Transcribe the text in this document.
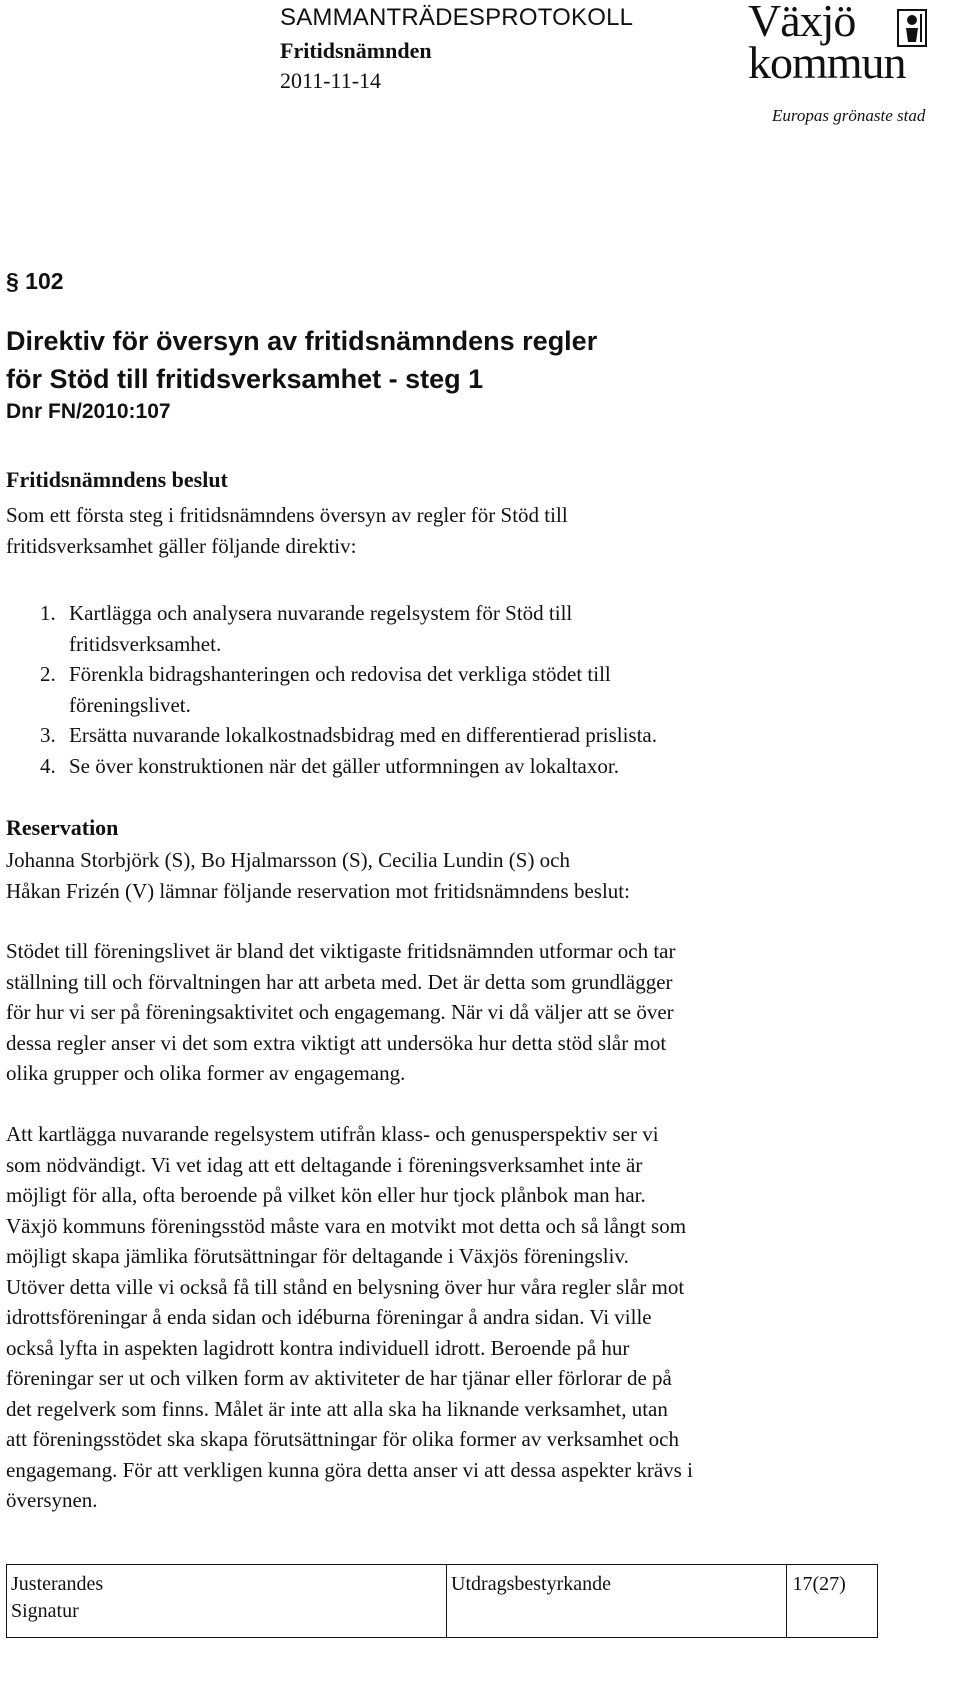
SAMMANTRÄDESPROTOKOLL
Fritidsnämnden
2011-11-14
Växjö
kommun
Europas grönaste stad
§ 102
Direktiv för översyn av fritidsnämndens regler
för Stöd till fritidsverksamhet - steg 1
Dnr FN/2010:107
Fritidsnämndens beslut

Som ett första steg i fritidsnämndens översyn av regler för Stöd till

fritidsverksamhet gäller följande direktiv:

1. Kartlägga och analysera nuvarande regelsystem för Stöd till
fritidsverksamhet.
2. Förenkla bidragshanteringen och redovisa det verkliga stödet till
föreningslivet.
3. Ersätta nuvarande lokalkostnadsbidrag med en differentierad prislista.
4. Se över konstruktionen när det gäller utformningen av lokaltaxor.
Reservation

Johanna Storbjörk (S), Bo Hjalmarsson (S), Cecilia Lundin (S) och

Håkan Frizén (V) lämnar följande reservation mot fritidsnämndens beslut:

Stödet till föreningslivet är bland det viktigaste fritidsnämnden utformar och tar

ställning till och förvaltningen har att arbeta med. Det är detta som grundlägger

för hur vi ser på föreningsaktivitet och engagemang. När vi då väljer att se över

dessa regler anser vi det som extra viktigt att undersöka hur detta stöd slår mot

olika grupper och olika former av engagemang.

Att kartlägga nuvarande regelsystem utifrån klass- och genusperspektiv ser vi

som nödvändigt. Vi vet idag att ett deltagande i föreningsverksamhet inte är

möjligt för alla, ofta beroende på vilket kön eller hur tjock plånbok man har.

Växjö kommuns föreningsstöd måste vara en motvikt mot detta och så långt som

möjligt skapa jämlika förutsättningar för deltagande i Växjös föreningsliv.

Utöver detta ville vi också få till stånd en belysning över hur våra regler slår mot

idrottsföreningar å enda sidan och idéburna föreningar å andra sidan. Vi ville

också lyfta in aspekten lagidrott kontra individuell idrott. Beroende på hur

föreningar ser ut och vilken form av aktiviteter de har tjänar eller förlorar de på

det regelverk som finns. Målet är inte att alla ska ha liknande verksamhet, utan

att föreningsstödet ska skapa förutsättningar för olika former av verksamhet och

engagemang. För att verkligen kunna göra detta anser vi att dessa aspekter krävs i

översynen.

Justerandes
Signatur

Utdragsbestyrkande	17(27)
